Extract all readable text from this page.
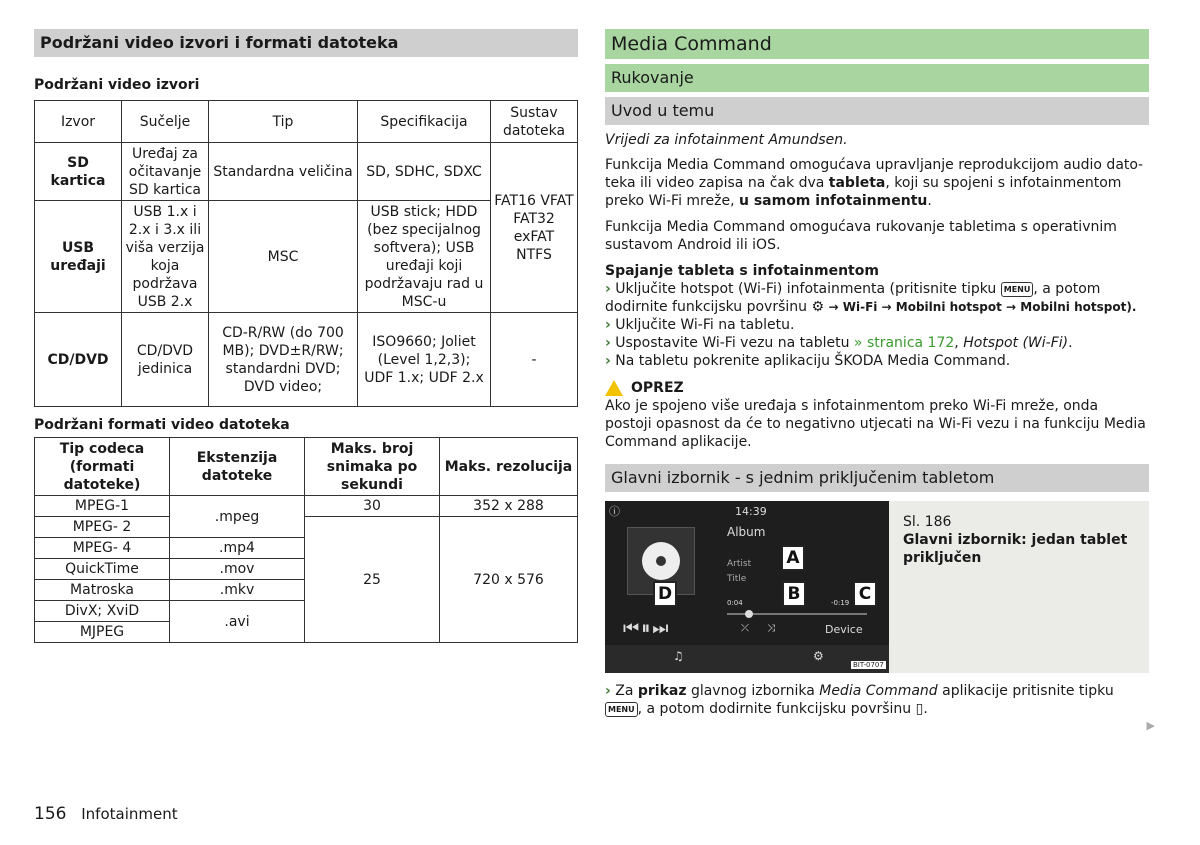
Podržani video izvori i formati datoteka

Podržani video izvori

Izvor	Sučelje	Tip	Specifikacija	Sustav datoteka
SD kartica	Uređaj za očitavanje SD kartica	Standardna veličina	SD, SDHC, SDXC	FAT16 VFAT FAT32 exFAT NTFS
USB uređaji	USB 1.x i 2.x i 3.x ili viša verzija koja podržava USB 2.x	MSC	USB stick; HDD (bez specijalnog softvera); USB uređaji koji podržavaju rad u MSC-u	
CD/DVD	CD/DVD jedinica	CD-R/RW (do 700 MB); DVD±R/RW; standardni DVD; DVD video;	ISO9660; Joliet (Level 1,2,3); UDF 1.x; UDF 2.x	-

Podržani formati video datoteka

Tip codeca (formati datoteke)	Ekstenzija datoteke	Maks. broj snimaka po sekundi	Maks. rezolucija
MPEG-1	.mpeg	30	352 x 288
MPEG- 2		25	720 x 576
MPEG- 4	.mp4		
QuickTime	.mov		
Matroska	.mkv		
DivX; XviD	.avi		
MJPEG			
Media Command
Rukovanje
Uvod u temu

Vrijedi za infotainment Amundsen.

Funkcija Media Command omogućava upravljanje reprodukcijom audio datoteka ili video zapisa na čak dva tableta, koji su spojeni s infotainmentom preko Wi-Fi mreže, u samom infotainmentu.

Funkcija Media Command omogućava rukovanje tabletima s operativnim sustavom Android ili iOS.

Spajanje tableta s infotainmentom

› Uključite hotspot (Wi-Fi) infotainmenta (pritisnite tipku MENU , a potom dodirnite funkcijsku površinu ⚙ → Wi-Fi → Mobilni hotspot → Mobilni hotspot).

› Uključite Wi-Fi na tabletu.

› Uspostavite Wi-Fi vezu na tabletu » stranica 172, Hotspot (Wi-Fi).

› Na tabletu pokrenite aplikaciju ŠKODA Media Command.

OPREZ

Ako je spojeno više uređaja s infotainmentom preko Wi-Fi mreže, onda postoji opasnost da će to negativno utjecati na Wi-Fi vezu i na funkciju Media Command aplikacije.

Glavni izbornik - s jednim priključenim tabletom
ⓘ	14:39
Album
Artist
Title
0:04	-0:19
⏮⏸⏭	⤫ ⤨	Device
♫	⚙
BIT-0707
A
B	C
D
Sl. 186
Glavni izbornik: jedan tablet priključen

› Za prikaz glavnog izbornika Media Command aplikacije pritisnite tipku MENU , a potom dodirnite funkcijsku površinu ▯.

▶
156 Infotainment
